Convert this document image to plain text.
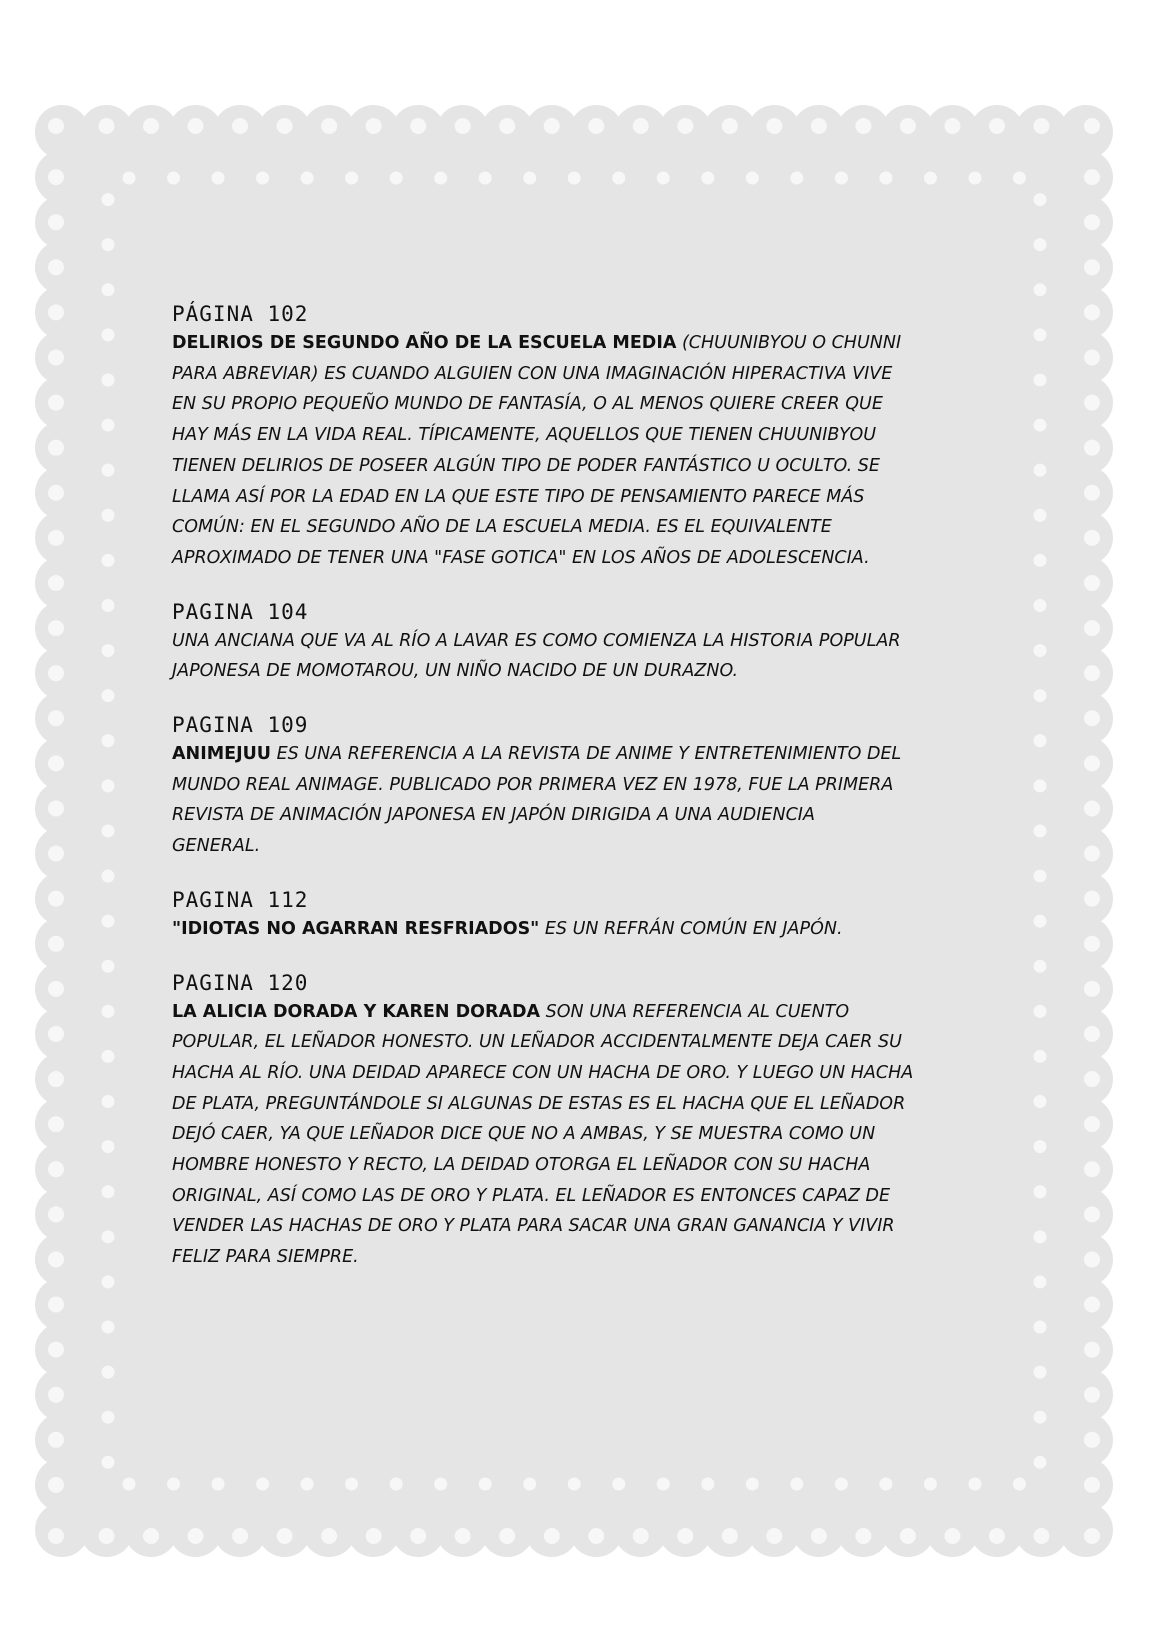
PÁGINA 102
DELIRIOS DE SEGUNDO AÑO DE LA ESCUELA MEDIA (CHUUNIBYOU O CHUNNI
PARA ABREVIAR) ES CUANDO ALGUIEN CON UNA IMAGINACIÓN HIPERACTIVA VIVE
EN SU PROPIO PEQUEÑO MUNDO DE FANTASÍA, O AL MENOS QUIERE CREER QUE
HAY MÁS EN LA VIDA REAL. TÍPICAMENTE, AQUELLOS QUE TIENEN CHUUNIBYOU
TIENEN DELIRIOS DE POSEER ALGÚN TIPO DE PODER FANTÁSTICO U OCULTO. SE
LLAMA ASÍ POR LA EDAD EN LA QUE ESTE TIPO DE PENSAMIENTO PARECE MÁS
COMÚN: EN EL SEGUNDO AÑO DE LA ESCUELA MEDIA. ES EL EQUIVALENTE
APROXIMADO DE TENER UNA "FASE GOTICA" EN LOS AÑOS DE ADOLESCENCIA.
PAGINA 104
UNA ANCIANA QUE VA AL RÍO A LAVAR ES COMO COMIENZA LA HISTORIA POPULAR
JAPONESA DE MOMOTAROU, UN NIÑO NACIDO DE UN DURAZNO.
PAGINA 109
ANIMEJUU ES UNA REFERENCIA A LA REVISTA DE ANIME Y ENTRETENIMIENTO DEL
MUNDO REAL ANIMAGE. PUBLICADO POR PRIMERA VEZ EN 1978, FUE LA PRIMERA
REVISTA DE ANIMACIÓN JAPONESA EN JAPÓN DIRIGIDA A UNA AUDIENCIA
GENERAL.
PAGINA 112
"IDIOTAS NO AGARRAN RESFRIADOS" ES UN REFRÁN COMÚN EN JAPÓN.
PAGINA 120
LA ALICIA DORADA Y KAREN DORADA SON UNA REFERENCIA AL CUENTO
POPULAR, EL LEÑADOR HONESTO. UN LEÑADOR ACCIDENTALMENTE DEJA CAER SU
HACHA AL RÍO. UNA DEIDAD APARECE CON UN HACHA DE ORO. Y LUEGO UN HACHA
DE PLATA, PREGUNTÁNDOLE SI ALGUNAS DE ESTAS ES EL HACHA QUE EL LEÑADOR
DEJÓ CAER, YA QUE LEÑADOR DICE QUE NO A AMBAS, Y SE MUESTRA COMO UN
HOMBRE HONESTO Y RECTO, LA DEIDAD OTORGA EL LEÑADOR CON SU HACHA
ORIGINAL, ASÍ COMO LAS DE ORO Y PLATA. EL LEÑADOR ES ENTONCES CAPAZ DE
VENDER LAS HACHAS DE ORO Y PLATA PARA SACAR UNA GRAN GANANCIA Y VIVIR
FELIZ PARA SIEMPRE.
